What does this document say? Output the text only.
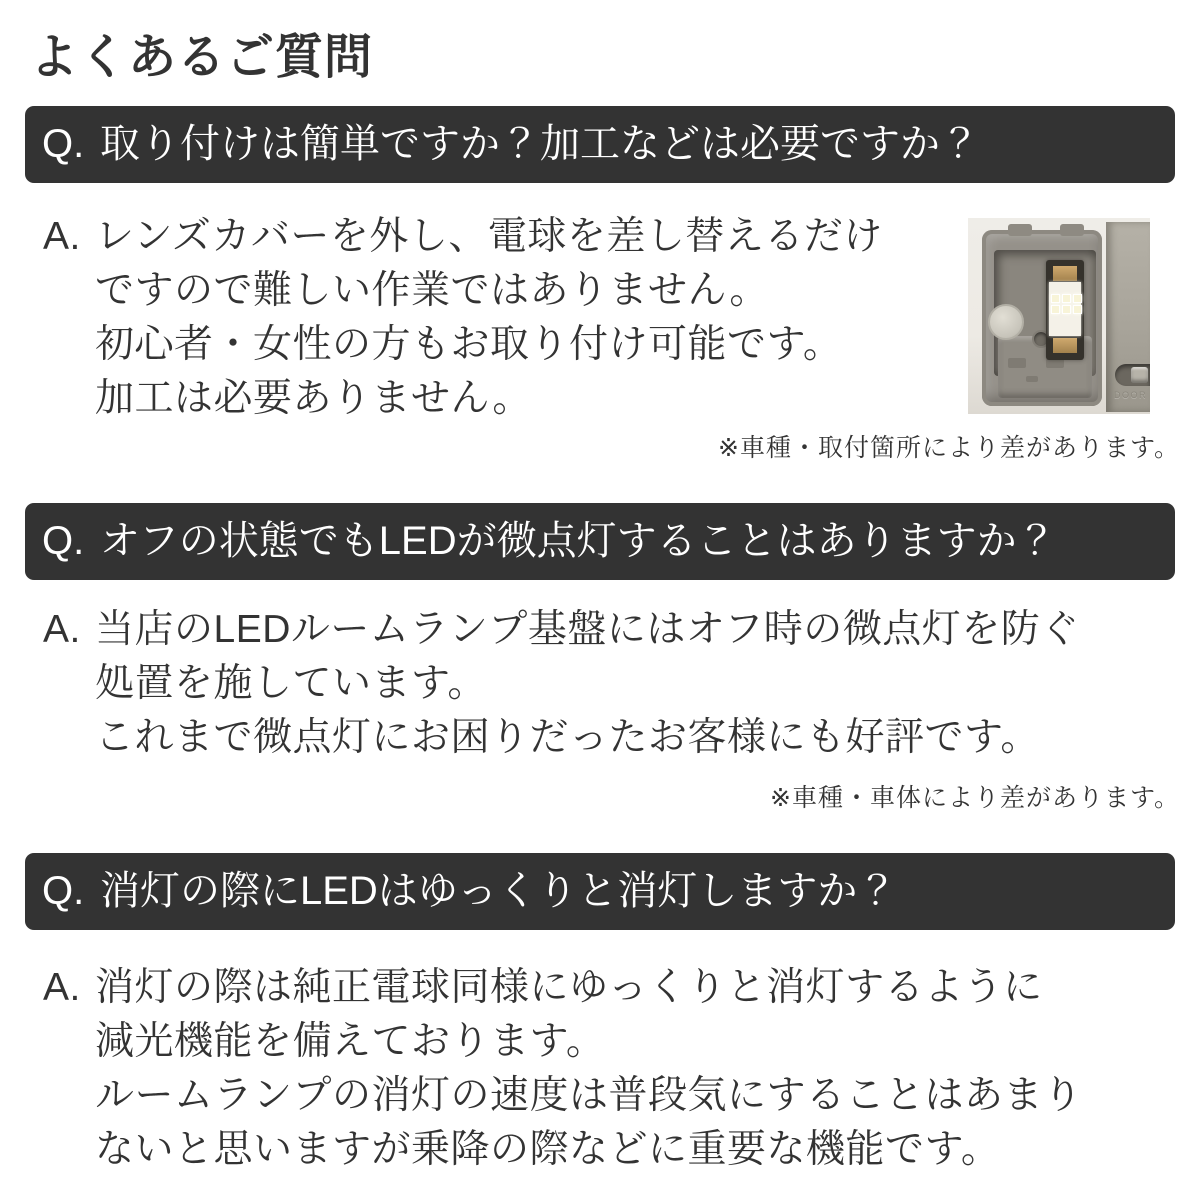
よくあるご質問
Q. 取り付けは簡単ですか？加工などは必要ですか？
A. レンズカバーを外し、電球を差し替えるだけ
ですので難しい作業ではありません。
初心者・女性の方もお取り付け可能です。
加工は必要ありません。	DOOR
※車種・取付箇所により差があります。
Q. オフの状態でもLEDが微点灯することはありますか？
A. 当店のLEDルームランプ基盤にはオフ時の微点灯を防ぐ
処置を施しています。
これまで微点灯にお困りだったお客様にも好評です。
※車種・車体により差があります。
Q. 消灯の際にLEDはゆっくりと消灯しますか？
A. 消灯の際は純正電球同様にゆっくりと消灯するように
減光機能を備えております。
ルームランプの消灯の速度は普段気にすることはあまり
ないと思いますが乗降の際などに重要な機能です。
